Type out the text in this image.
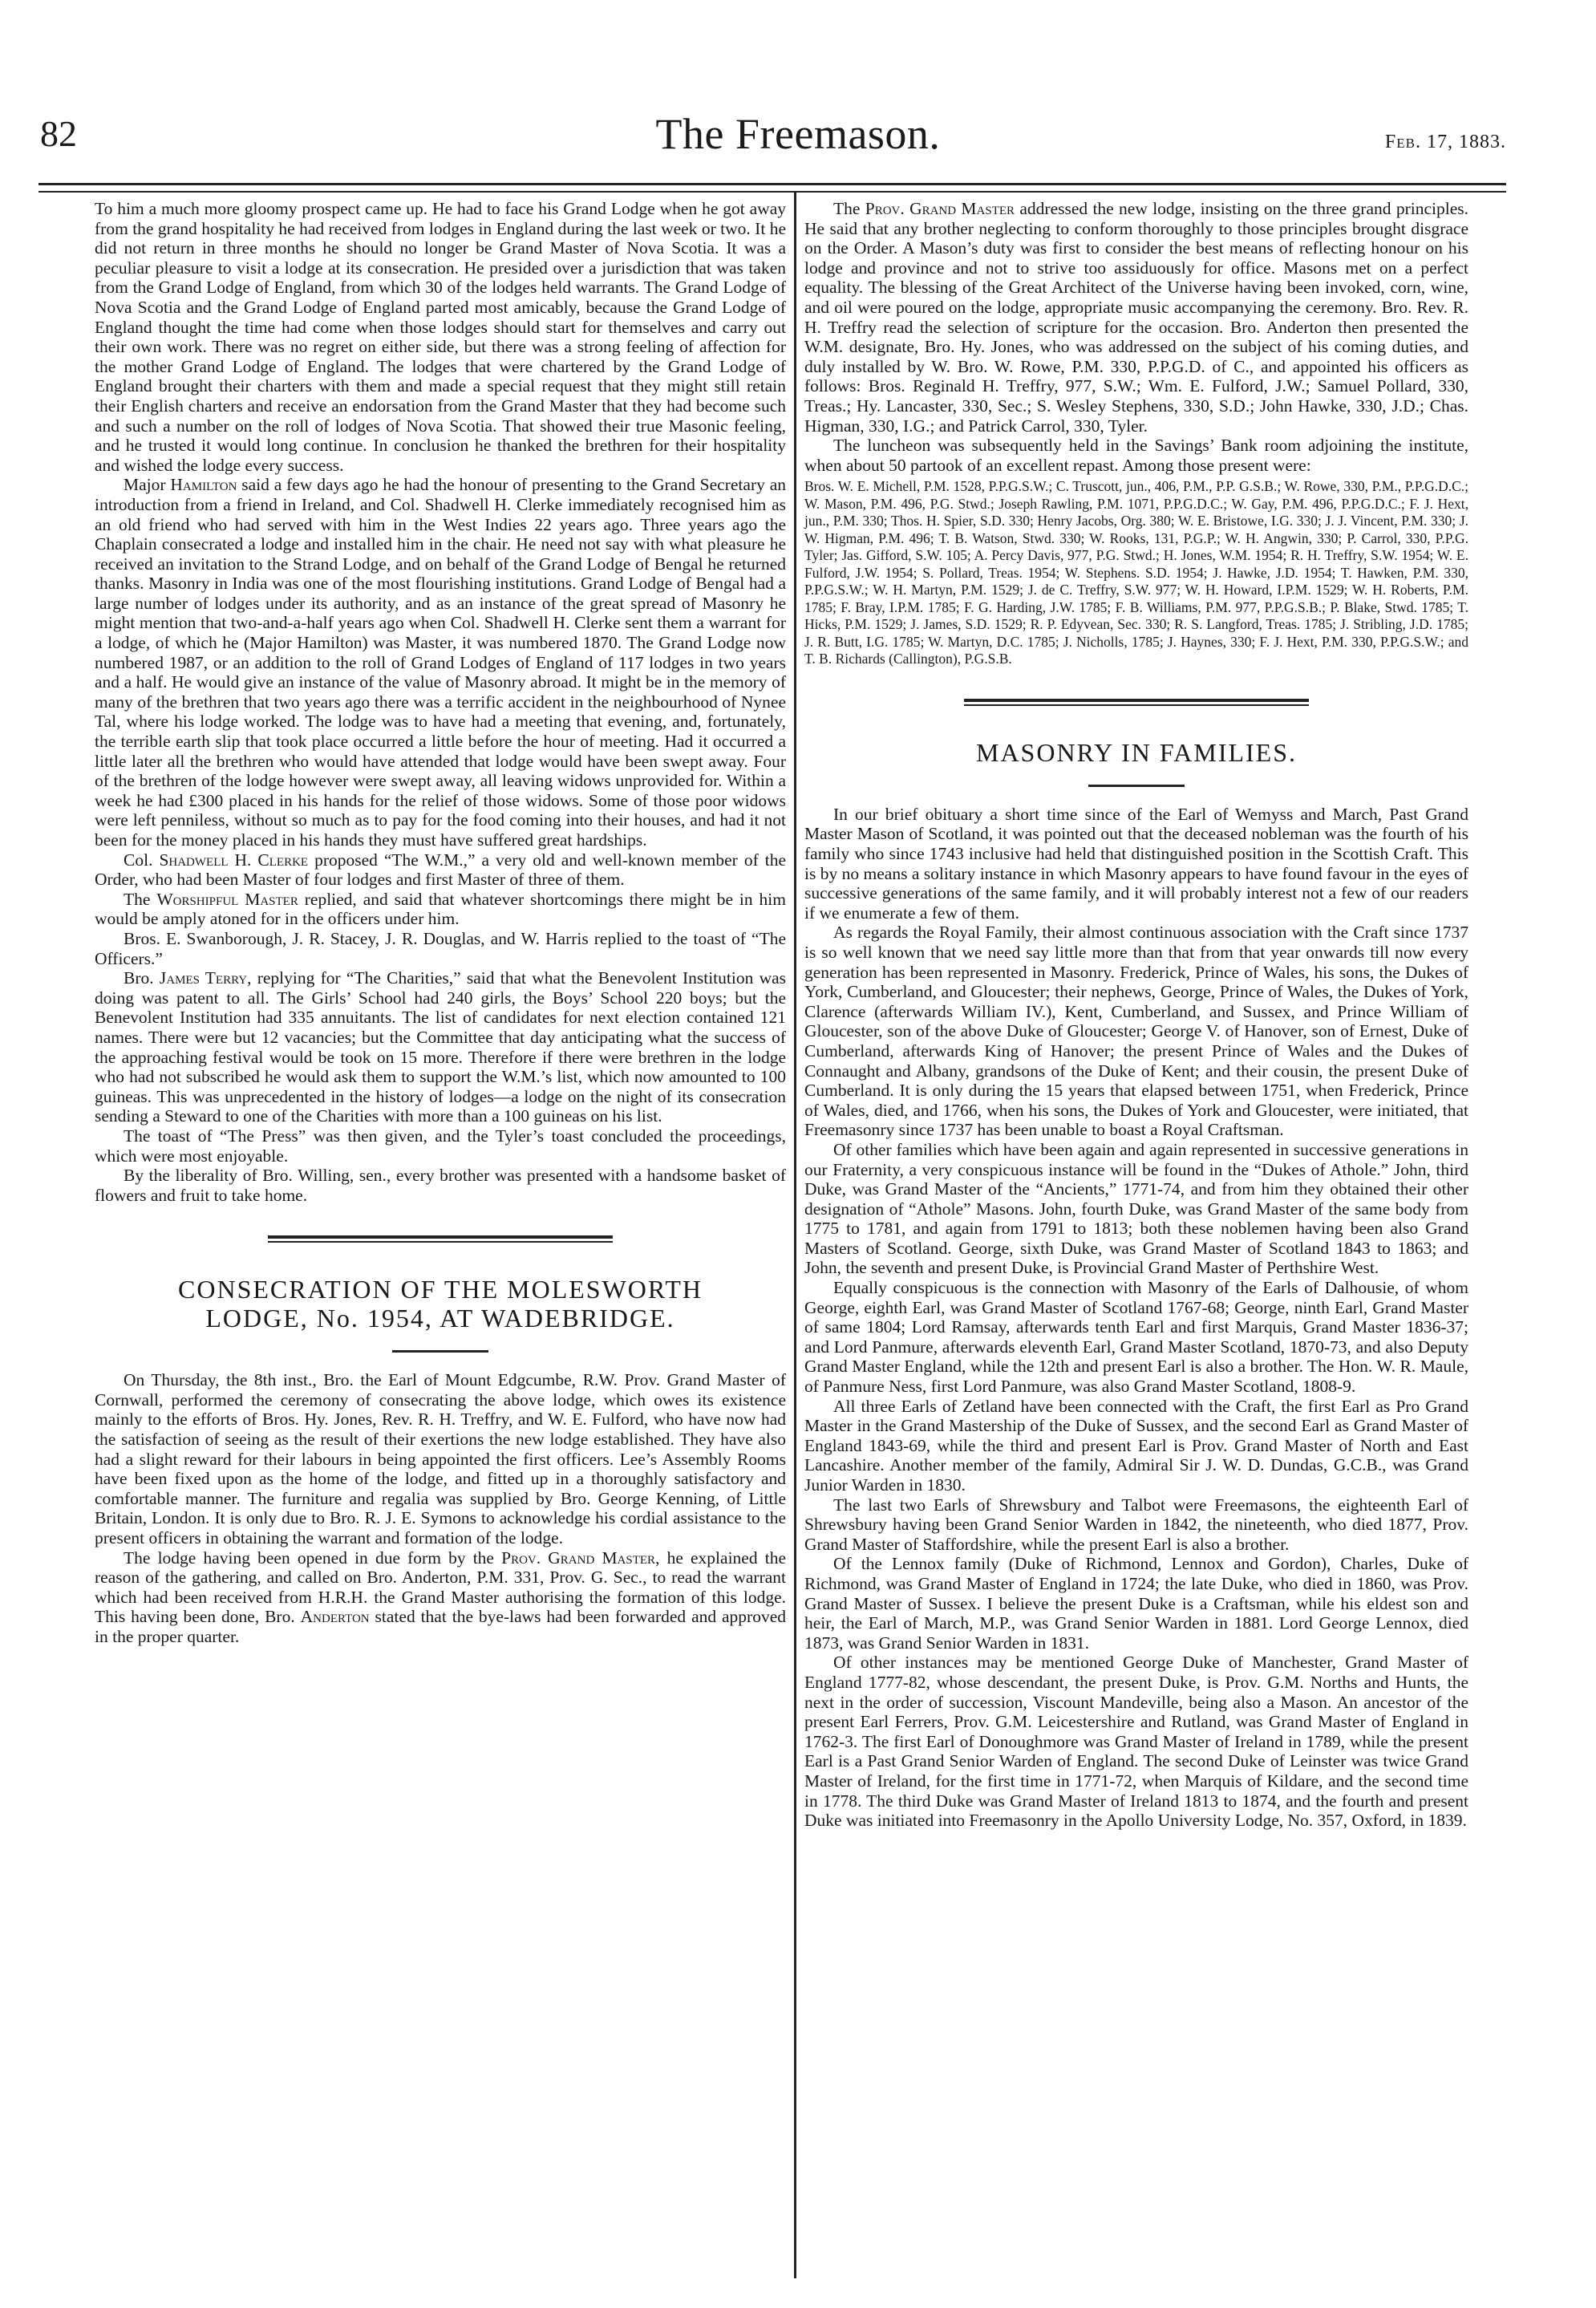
82	The Freemason.	Feb. 17, 1883.

To him a much more gloomy prospect came up. He had to face his Grand Lodge when he got away from the grand hospitality he had received from lodges in England during the last week or two. It he did not return in three months he should no longer be Grand Master of Nova Scotia. It was a peculiar pleasure to visit a lodge at its consecration. He presided over a jurisdiction that was taken from the Grand Lodge of England, from which 30 of the lodges held warrants. The Grand Lodge of Nova Scotia and the Grand Lodge of England parted most amicably, because the Grand Lodge of England thought the time had come when those lodges should start for themselves and carry out their own work. There was no regret on either side, but there was a strong feeling of affection for the mother Grand Lodge of England. The lodges that were chartered by the Grand Lodge of England brought their charters with them and made a special request that they might still retain their English charters and receive an endorsation from the Grand Master that they had become such and such a number on the roll of lodges of Nova Scotia. That showed their true Masonic feeling, and he trusted it would long continue. In conclusion he thanked the brethren for their hospitality and wished the lodge every success.

Major Hamilton said a few days ago he had the honour of presenting to the Grand Secretary an introduction from a friend in Ireland, and Col. Shadwell H. Clerke immediately recognised him as an old friend who had served with him in the West Indies 22 years ago. Three years ago the Chaplain consecrated a lodge and installed him in the chair. He need not say with what pleasure he received an invitation to the Strand Lodge, and on behalf of the Grand Lodge of Bengal he returned thanks. Masonry in India was one of the most flourishing institutions. Grand Lodge of Bengal had a large number of lodges under its authority, and as an instance of the great spread of Masonry he might mention that two-and-a-half years ago when Col. Shadwell H. Clerke sent them a warrant for a lodge, of which he (Major Hamilton) was Master, it was numbered 1870. The Grand Lodge now numbered 1987, or an addition to the roll of Grand Lodges of England of 117 lodges in two years and a half. He would give an instance of the value of Masonry abroad. It might be in the memory of many of the brethren that two years ago there was a terrific accident in the neighbourhood of Nynee Tal, where his lodge worked. The lodge was to have had a meeting that evening, and, fortunately, the terrible earth slip that took place occurred a little before the hour of meeting. Had it occurred a little later all the brethren who would have attended that lodge would have been swept away. Four of the brethren of the lodge however were swept away, all leaving widows unprovided for. Within a week he had £300 placed in his hands for the relief of those widows. Some of those poor widows were left penniless, without so much as to pay for the food coming into their houses, and had it not been for the money placed in his hands they must have suffered great hardships.

Col. Shadwell H. Clerke proposed “The W.M.,” a very old and well-known member of the Order, who had been Master of four lodges and first Master of three of them.

The Worshipful Master replied, and said that whatever shortcomings there might be in him would be amply atoned for in the officers under him.

Bros. E. Swanborough, J. R. Stacey, J. R. Douglas, and W. Harris replied to the toast of “The Officers.”

Bro. James Terry, replying for “The Charities,” said that what the Benevolent Institution was doing was patent to all. The Girls’ School had 240 girls, the Boys’ School 220 boys; but the Benevolent Institution had 335 annuitants. The list of candidates for next election contained 121 names. There were but 12 vacancies; but the Committee that day anticipating what the success of the approaching festival would be took on 15 more. Therefore if there were brethren in the lodge who had not subscribed he would ask them to support the W.M.’s list, which now amounted to 100 guineas. This was unprecedented in the history of lodges—a lodge on the night of its consecration sending a Steward to one of the Charities with more than a 100 guineas on his list.

The toast of “The Press” was then given, and the Tyler’s toast concluded the proceedings, which were most enjoyable.

By the liberality of Bro. Willing, sen., every brother was presented with a handsome basket of flowers and fruit to take home.

CONSECRATION OF THE MOLESWORTH
LODGE, No. 1954, AT WADEBRIDGE.

On Thursday, the 8th inst., Bro. the Earl of Mount Edgcumbe, R.W. Prov. Grand Master of Cornwall, performed the ceremony of consecrating the above lodge, which owes its existence mainly to the efforts of Bros. Hy. Jones, Rev. R. H. Treffry, and W. E. Fulford, who have now had the satisfaction of seeing as the result of their exertions the new lodge established. They have also had a slight reward for their labours in being appointed the first officers. Lee’s Assembly Rooms have been fixed upon as the home of the lodge, and fitted up in a thoroughly satisfactory and comfortable manner. The furniture and regalia was supplied by Bro. George Kenning, of Little Britain, London. It is only due to Bro. R. J. E. Symons to acknowledge his cordial assistance to the present officers in obtaining the warrant and formation of the lodge.

The lodge having been opened in due form by the Prov. Grand Master, he explained the reason of the gathering, and called on Bro. Anderton, P.M. 331, Prov. G. Sec., to read the warrant which had been received from H.R.H. the Grand Master authorising the formation of this lodge. This having been done, Bro. Anderton stated that the bye-laws had been forwarded and approved in the proper quarter.

The Prov. Grand Master addressed the new lodge, insisting on the three grand principles. He said that any brother neglecting to conform thoroughly to those principles brought disgrace on the Order. A Mason’s duty was first to consider the best means of reflecting honour on his lodge and province and not to strive too assiduously for office. Masons met on a perfect equality. The blessing of the Great Architect of the Universe having been invoked, corn, wine, and oil were poured on the lodge, appropriate music accompanying the ceremony. Bro. Rev. R. H. Treffry read the selection of scripture for the occasion. Bro. Anderton then presented the W.M. designate, Bro. Hy. Jones, who was addressed on the subject of his coming duties, and duly installed by W. Bro. W. Rowe, P.M. 330, P.P.G.D. of C., and appointed his officers as follows: Bros. Reginald H. Treffry, 977, S.W.; Wm. E. Fulford, J.W.; Samuel Pollard, 330, Treas.; Hy. Lancaster, 330, Sec.; S. Wesley Stephens, 330, S.D.; John Hawke, 330, J.D.; Chas. Higman, 330, I.G.; and Patrick Carrol, 330, Tyler.

The luncheon was subsequently held in the Savings’ Bank room adjoining the institute, when about 50 partook of an excellent repast. Among those present were:

Bros. W. E. Michell, P.M. 1528, P.P.G.S.W.; C. Truscott, jun., 406, P.M., P.P. G.S.B.; W. Rowe, 330, P.M., P.P.G.D.C.; W. Mason, P.M. 496, P.G. Stwd.; Joseph Rawling, P.M. 1071, P.P.G.D.C.; W. Gay, P.M. 496, P.P.G.D.C.; F. J. Hext, jun., P.M. 330; Thos. H. Spier, S.D. 330; Henry Jacobs, Org. 380; W. E. Bristowe, I.G. 330; J. J. Vincent, P.M. 330; J. W. Higman, P.M. 496; T. B. Watson, Stwd. 330; W. Rooks, 131, P.G.P.; W. H. Angwin, 330; P. Carrol, 330, P.P.G. Tyler; Jas. Gifford, S.W. 105; A. Percy Davis, 977, P.G. Stwd.; H. Jones, W.M. 1954; R. H. Treffry, S.W. 1954; W. E. Fulford, J.W. 1954; S. Pollard, Treas. 1954; W. Stephens. S.D. 1954; J. Hawke, J.D. 1954; T. Hawken, P.M. 330, P.P.G.S.W.; W. H. Martyn, P.M. 1529; J. de C. Treffry, S.W. 977; W. H. Howard, I.P.M. 1529; W. H. Roberts, P.M. 1785; F. Bray, I.P.M. 1785; F. G. Harding, J.W. 1785; F. B. Williams, P.M. 977, P.P.G.S.B.; P. Blake, Stwd. 1785; T. Hicks, P.M. 1529; J. James, S.D. 1529; R. P. Edyvean, Sec. 330; R. S. Langford, Treas. 1785; J. Stribling, J.D. 1785; J. R. Butt, I.G. 1785; W. Martyn, D.C. 1785; J. Nicholls, 1785; J. Haynes, 330; F. J. Hext, P.M. 330, P.P.G.S.W.; and T. B. Richards (Callington), P.G.S.B.

MASONRY IN FAMILIES.

In our brief obituary a short time since of the Earl of Wemyss and March, Past Grand Master Mason of Scotland, it was pointed out that the deceased nobleman was the fourth of his family who since 1743 inclusive had held that distinguished position in the Scottish Craft. This is by no means a solitary instance in which Masonry appears to have found favour in the eyes of successive generations of the same family, and it will probably interest not a few of our readers if we enumerate a few of them.

As regards the Royal Family, their almost continuous association with the Craft since 1737 is so well known that we need say little more than that from that year onwards till now every generation has been represented in Masonry. Frederick, Prince of Wales, his sons, the Dukes of York, Cumberland, and Gloucester; their nephews, George, Prince of Wales, the Dukes of York, Clarence (afterwards William IV.), Kent, Cumberland, and Sussex, and Prince William of Gloucester, son of the above Duke of Gloucester; George V. of Hanover, son of Ernest, Duke of Cumberland, afterwards King of Hanover; the present Prince of Wales and the Dukes of Connaught and Albany, grandsons of the Duke of Kent; and their cousin, the present Duke of Cumberland. It is only during the 15 years that elapsed between 1751, when Frederick, Prince of Wales, died, and 1766, when his sons, the Dukes of York and Gloucester, were initiated, that Freemasonry since 1737 has been unable to boast a Royal Craftsman.

Of other families which have been again and again represented in successive generations in our Fraternity, a very conspicuous instance will be found in the “Dukes of Athole.” John, third Duke, was Grand Master of the “Ancients,” 1771-74, and from him they obtained their other designation of “Athole” Masons. John, fourth Duke, was Grand Master of the same body from 1775 to 1781, and again from 1791 to 1813; both these noblemen having been also Grand Masters of Scotland. George, sixth Duke, was Grand Master of Scotland 1843 to 1863; and John, the seventh and present Duke, is Provincial Grand Master of Perthshire West.

Equally conspicuous is the connection with Masonry of the Earls of Dalhousie, of whom George, eighth Earl, was Grand Master of Scotland 1767-68; George, ninth Earl, Grand Master of same 1804; Lord Ramsay, afterwards tenth Earl and first Marquis, Grand Master 1836-37; and Lord Panmure, afterwards eleventh Earl, Grand Master Scotland, 1870-73, and also Deputy Grand Master England, while the 12th and present Earl is also a brother. The Hon. W. R. Maule, of Panmure Ness, first Lord Panmure, was also Grand Master Scotland, 1808-9.

All three Earls of Zetland have been connected with the Craft, the first Earl as Pro Grand Master in the Grand Mastership of the Duke of Sussex, and the second Earl as Grand Master of England 1843-69, while the third and present Earl is Prov. Grand Master of North and East Lancashire. Another member of the family, Admiral Sir J. W. D. Dundas, G.C.B., was Grand Junior Warden in 1830.

The last two Earls of Shrewsbury and Talbot were Freemasons, the eighteenth Earl of Shrewsbury having been Grand Senior Warden in 1842, the nineteenth, who died 1877, Prov. Grand Master of Staffordshire, while the present Earl is also a brother.

Of the Lennox family (Duke of Richmond, Lennox and Gordon), Charles, Duke of Richmond, was Grand Master of England in 1724; the late Duke, who died in 1860, was Prov. Grand Master of Sussex. I believe the present Duke is a Craftsman, while his eldest son and heir, the Earl of March, M.P., was Grand Senior Warden in 1881. Lord George Lennox, died 1873, was Grand Senior Warden in 1831.

Of other instances may be mentioned George Duke of Manchester, Grand Master of England 1777-82, whose descendant, the present Duke, is Prov. G.M. Norths and Hunts, the next in the order of succession, Viscount Mandeville, being also a Mason. An ancestor of the present Earl Ferrers, Prov. G.M. Leicestershire and Rutland, was Grand Master of England in 1762-3. The first Earl of Donoughmore was Grand Master of Ireland in 1789, while the present Earl is a Past Grand Senior Warden of England. The second Duke of Leinster was twice Grand Master of Ireland, for the first time in 1771-72, when Marquis of Kildare, and the second time in 1778. The third Duke was Grand Master of Ireland 1813 to 1874, and the fourth and present Duke was initiated into Freemasonry in the Apollo University Lodge, No. 357, Oxford, in 1839.
